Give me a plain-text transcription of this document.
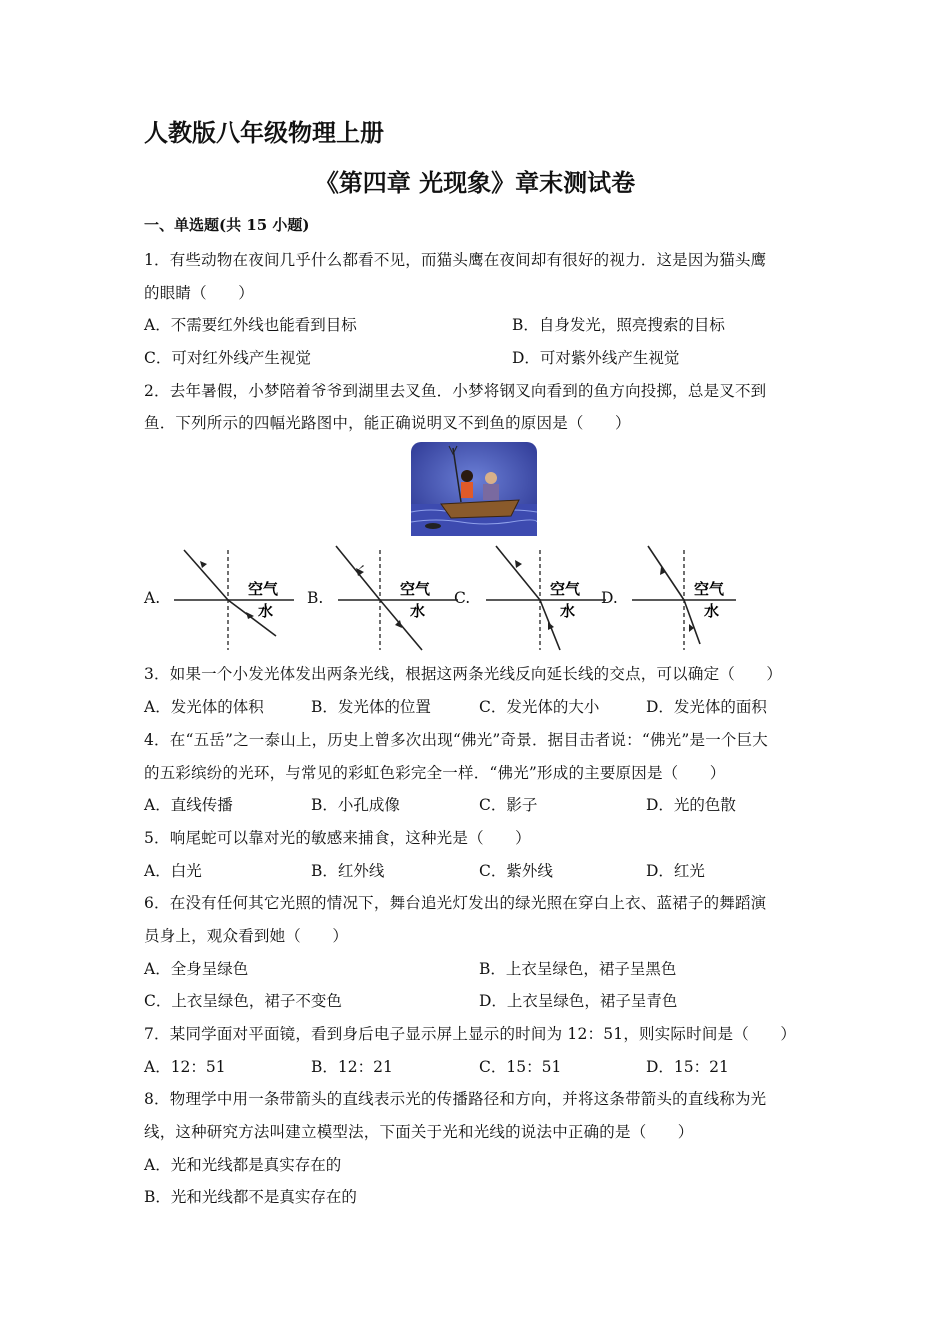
人教版八年级物理上册
《第四章 光现象》章末测试卷
一、单选题(共 15 小题)
1．有些动物在夜间几乎什么都看不见，而猫头鹰在夜间却有很好的视力．这是因为猫头鹰
的眼睛（　　）
A．不需要红外线也能看到目标	B．自身发光，照亮搜索的目标
C．可对红外线产生视觉	D．可对紫外线产生视觉
2．去年暑假，小梦陪着爷爷到湖里去叉鱼．小梦将钢叉向看到的鱼方向投掷，总是叉不到
鱼．下列所示的四幅光路图中，能正确说明叉不到鱼的原因是（　　）
A.	B.	C.	D.
空气
水
空气
水
空气
水
空气
水
3．如果一个小发光体发出两条光线，根据这两条光线反向延长线的交点，可以确定（　　）
A．发光体的体积	B．发光体的位置	C．发光体的大小	D．发光体的面积
4．在“五岳”之一泰山上，历史上曾多次出现“佛光”奇景．据目击者说：“佛光”是一个巨大
的五彩缤纷的光环，与常见的彩虹色彩完全一样．“佛光”形成的主要原因是（　　）
A．直线传播	B．小孔成像	C．影子	D．光的色散
5．响尾蛇可以靠对光的敏感来捕食，这种光是（　　）
A．白光	B．红外线	C．紫外线	D．红光
6．在没有任何其它光照的情况下，舞台追光灯发出的绿光照在穿白上衣、蓝裙子的舞蹈演
员身上，观众看到她（　　）
A．全身呈绿色	B．上衣呈绿色，裙子呈黑色
C．上衣呈绿色，裙子不变色	D．上衣呈绿色，裙子呈青色
7．某同学面对平面镜，看到身后电子显示屏上显示的时间为 12：51，则实际时间是（　　）
A．12：51	B．12：21	C．15：51	D．15：21
8．物理学中用一条带箭头的直线表示光的传播路径和方向，并将这条带箭头的直线称为光
线，这种研究方法叫建立模型法，下面关于光和光线的说法中正确的是（　　）
A．光和光线都是真实存在的
B．光和光线都不是真实存在的
